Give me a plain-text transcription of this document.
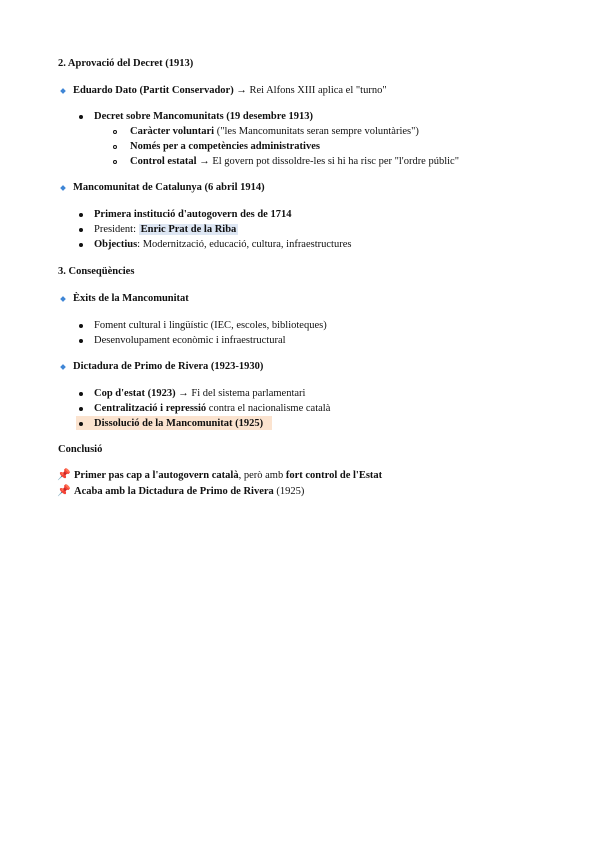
2. Aprovació del Decret (1913)
Eduardo Dato (Partit Conservador) → Rei Alfons XIII aplica el "turno"
Decret sobre Mancomunitats (19 desembre 1913)
Caràcter voluntari ("les Mancomunitats seran sempre voluntàries")
Només per a competències administratives
Control estatal → El govern pot dissoldre-les si hi ha risc per "l'ordre públic"
Mancomunitat de Catalunya (6 abril 1914)
Primera institució d'autogovern des de 1714
President: Enric Prat de la Riba
Objectius: Modernització, educació, cultura, infraestructures
3. Conseqüències
Èxits de la Mancomunitat
Foment cultural i lingüístic (IEC, escoles, biblioteques)
Desenvolupament econòmic i infraestructural
Dictadura de Primo de Rivera (1923-1930)
Cop d'estat (1923) → Fi del sistema parlamentari
Centralització i repressió contra el nacionalisme català
Dissolució de la Mancomunitat (1925)
Conclusió
📌 Primer pas cap a l'autogovern català, però amb fort control de l'Estat
📌 Acaba amb la Dictadura de Primo de Rivera (1925)
